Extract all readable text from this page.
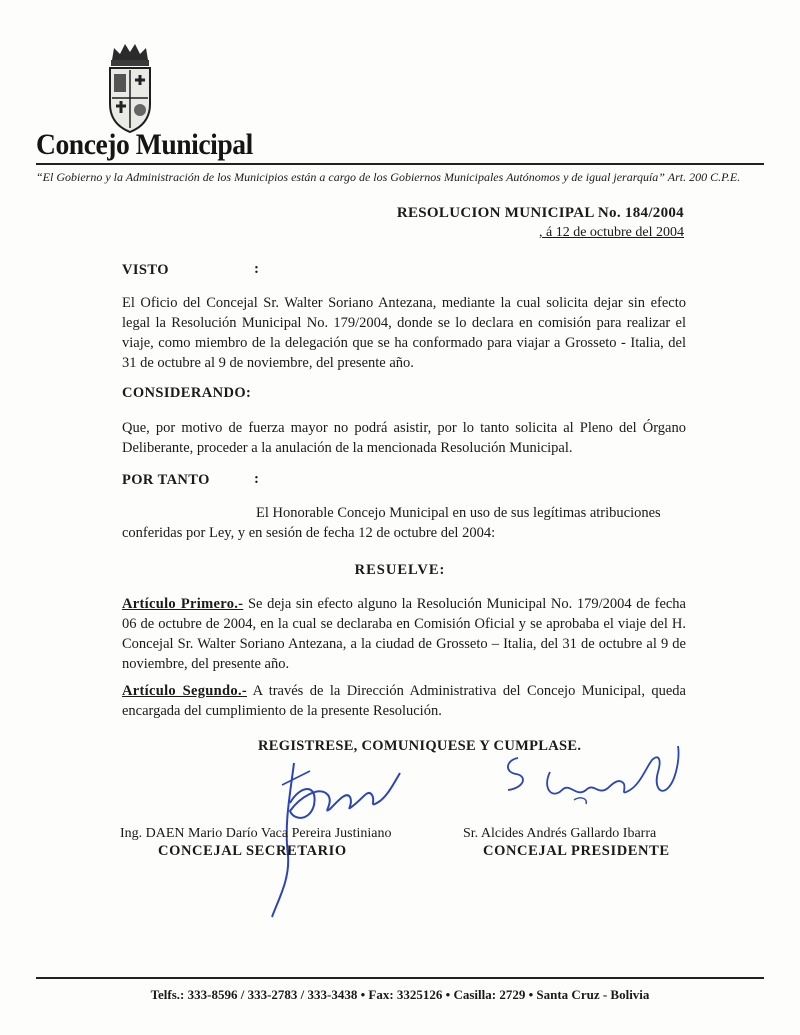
Concejo Municipal
“El Gobierno y la Administración de los Municipios están a cargo de los Gobiernos Municipales Autónomos y de igual jerarquía” Art. 200 C.P.E.
RESOLUCION MUNICIPAL No. 184/2004
, á 12 de octubre del 2004
VISTO	:

El Oficio del Concejal Sr. Walter Soriano Antezana, mediante la cual solicita dejar sin efecto legal la Resolución Municipal No. 179/2004, donde se lo declara en comisión para realizar el viaje, como miembro de la delegación que se ha conformado para viajar a Grosseto - Italia, del 31 de octubre al 9 de noviembre, del presente año.

CONSIDERANDO:

Que, por motivo de fuerza mayor no podrá asistir, por lo tanto solicita al Pleno del Órgano Deliberante, proceder a la anulación de la mencionada Resolución Municipal.

POR TANTO	:
El Honorable Concejo Municipal en uso de sus legítimas atribuciones
conferidas por Ley, y en sesión de fecha 12 de octubre del 2004:
RESUELVE:

Artículo Primero.- Se deja sin efecto alguno la Resolución Municipal No. 179/2004 de fecha 06 de octubre de 2004, en la cual se declaraba en Comisión Oficial y se aprobaba el viaje del H. Concejal Sr. Walter Soriano Antezana, a la ciudad de Grosseto – Italia, del 31 de octubre al 9 de noviembre, del presente año.

Artículo Segundo.- A través de la Dirección Administrativa del Concejo Municipal, queda encargada del cumplimiento de la presente Resolución.

REGISTRESE, COMUNIQUESE Y CUMPLASE.
Ing. DAEN Mario Darío Vaca Pereira Justiniano
CONCEJAL SECRETARIO
Sr. Alcides Andrés Gallardo Ibarra
CONCEJAL PRESIDENTE
Telfs.: 333-8596 / 333-2783 / 333-3438 • Fax: 3325126 • Casilla: 2729 • Santa Cruz - Bolivia
